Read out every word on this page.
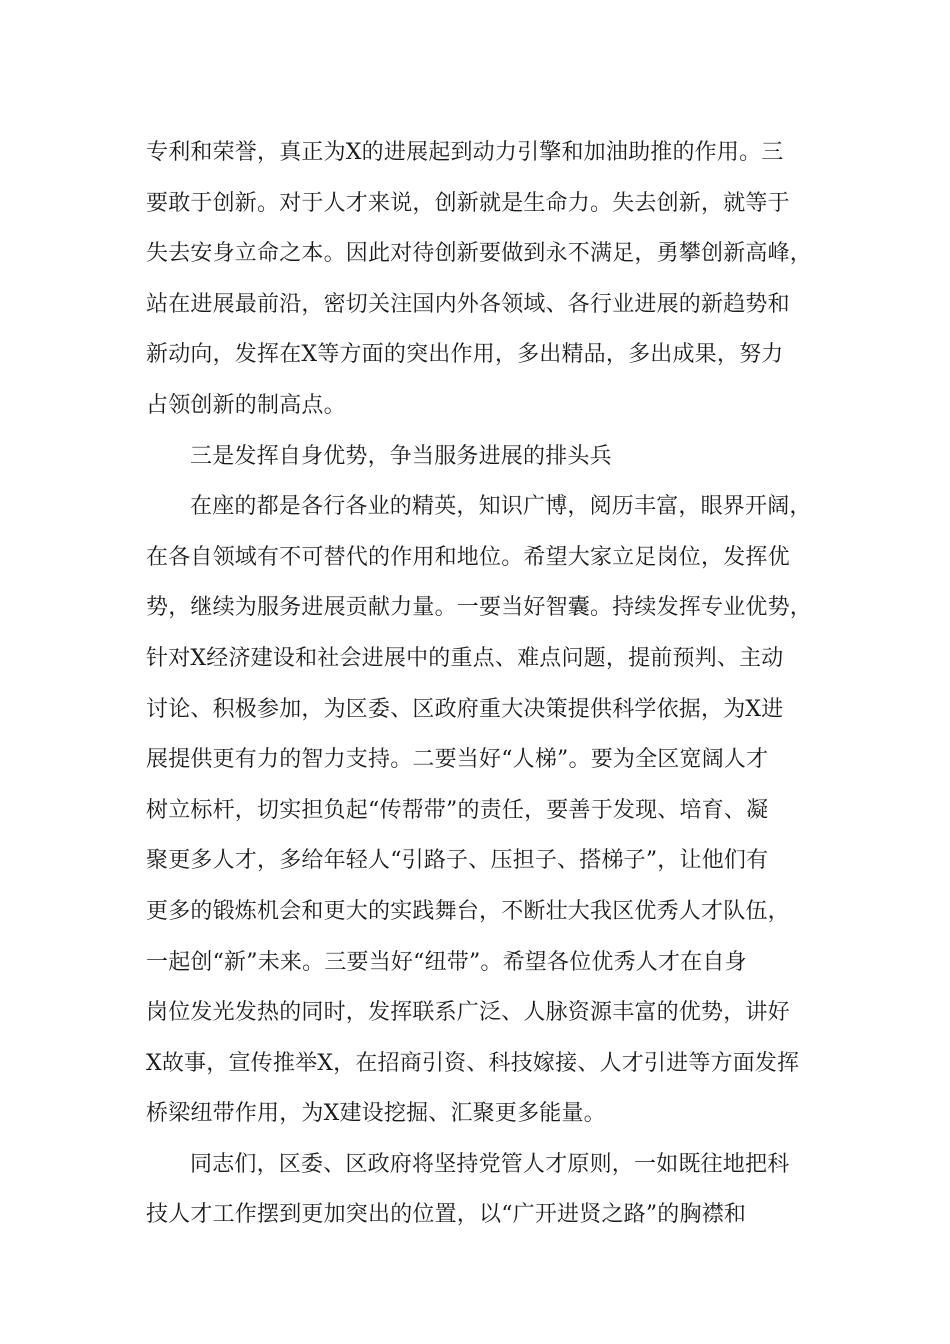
专利和荣誉，真正为X的进展起到动力引擎和加油助推的作用。三
要敢于创新。对于人才来说，创新就是生命力。失去创新，就等于
失去安身立命之本。因此对待创新要做到永不满足，勇攀创新高峰，
站在进展最前沿，密切关注国内外各领域、各行业进展的新趋势和
新动向，发挥在X等方面的突出作用，多出精品，多出成果，努力
占领创新的制高点。
三是发挥自身优势，争当服务进展的排头兵
在座的都是各行各业的精英，知识广博，阅历丰富，眼界开阔，
在各自领域有不可替代的作用和地位。希望大家立足岗位，发挥优
势，继续为服务进展贡献力量。一要当好智囊。持续发挥专业优势，
针对X经济建设和社会进展中的重点、难点问题，提前预判、主动
讨论、积极参加，为区委、区政府重大决策提供科学依据，为X进
展提供更有力的智力支持。二要当好“人梯”。要为全区宽阔人才
树立标杆，切实担负起“传帮带”的责任，要善于发现、培育、凝
聚更多人才，多给年轻人“引路子、压担子、搭梯子”，让他们有
更多的锻炼机会和更大的实践舞台，不断壮大我区优秀人才队伍，
一起创“新”未来。三要当好“纽带”。希望各位优秀人才在自身
岗位发光发热的同时，发挥联系广泛、人脉资源丰富的优势，讲好
X故事，宣传推举X，在招商引资、科技嫁接、人才引进等方面发挥
桥梁纽带作用，为X建设挖掘、汇聚更多能量。
同志们，区委、区政府将坚持党管人才原则，一如既往地把科
技人才工作摆到更加突出的位置，以“广开进贤之路”的胸襟和
